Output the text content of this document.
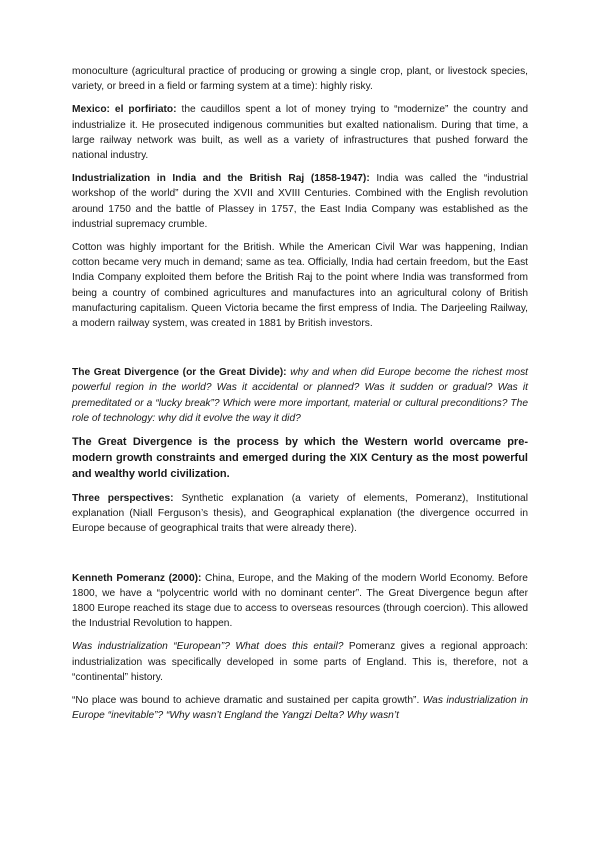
monoculture (agricultural practice of producing or growing a single crop, plant, or livestock species, variety, or breed in a field or farming system at a time): highly risky.

Mexico: el porfiriato: the caudillos spent a lot of money trying to “modernize” the country and industrialize it. He prosecuted indigenous communities but exalted nationalism. During that time, a large railway network was built, as well as a variety of infrastructures that pushed forward the national industry.

Industrialization in India and the British Raj (1858-1947): India was called the “industrial workshop of the world” during the XVII and XVIII Centuries. Combined with the English revolution around 1750 and the battle of Plassey in 1757, the East India Company was established as the industrial supremacy crumble.

Cotton was highly important for the British. While the American Civil War was happening, Indian cotton became very much in demand; same as tea. Officially, India had certain freedom, but the East India Company exploited them before the British Raj to the point where India was transformed from being a country of combined agricultures and manufactures into an agricultural colony of British manufacturing capitalism. Queen Victoria became the first empress of India. The Darjeeling Railway, a modern railway system, was created in 1881 by British investors.

The Great Divergence (or the Great Divide): why and when did Europe become the richest most powerful region in the world? Was it accidental or planned? Was it sudden or gradual? Was it premeditated or a “lucky break”? Which were more important, material or cultural preconditions? The role of technology: why did it evolve the way it did?

The Great Divergence is the process by which the Western world overcame pre-modern growth constraints and emerged during the XIX Century as the most powerful and wealthy world civilization.

Three perspectives: Synthetic explanation (a variety of elements, Pomeranz), Institutional explanation (Niall Ferguson’s thesis), and Geographical explanation (the divergence occurred in Europe because of geographical traits that were already there).

Kenneth Pomeranz (2000): China, Europe, and the Making of the modern World Economy. Before 1800, we have a “polycentric world with no dominant center”. The Great Divergence begun after 1800 Europe reached its stage due to access to overseas resources (through coercion). This allowed the Industrial Revolution to happen.

Was industrialization “European”? What does this entail? Pomeranz gives a regional approach: industrialization was specifically developed in some parts of England. This is, therefore, not a “continental” history.

“No place was bound to achieve dramatic and sustained per capita growth”. Was industrialization in Europe “inevitable”? “Why wasn’t England the Yangzi Delta? Why wasn’t
